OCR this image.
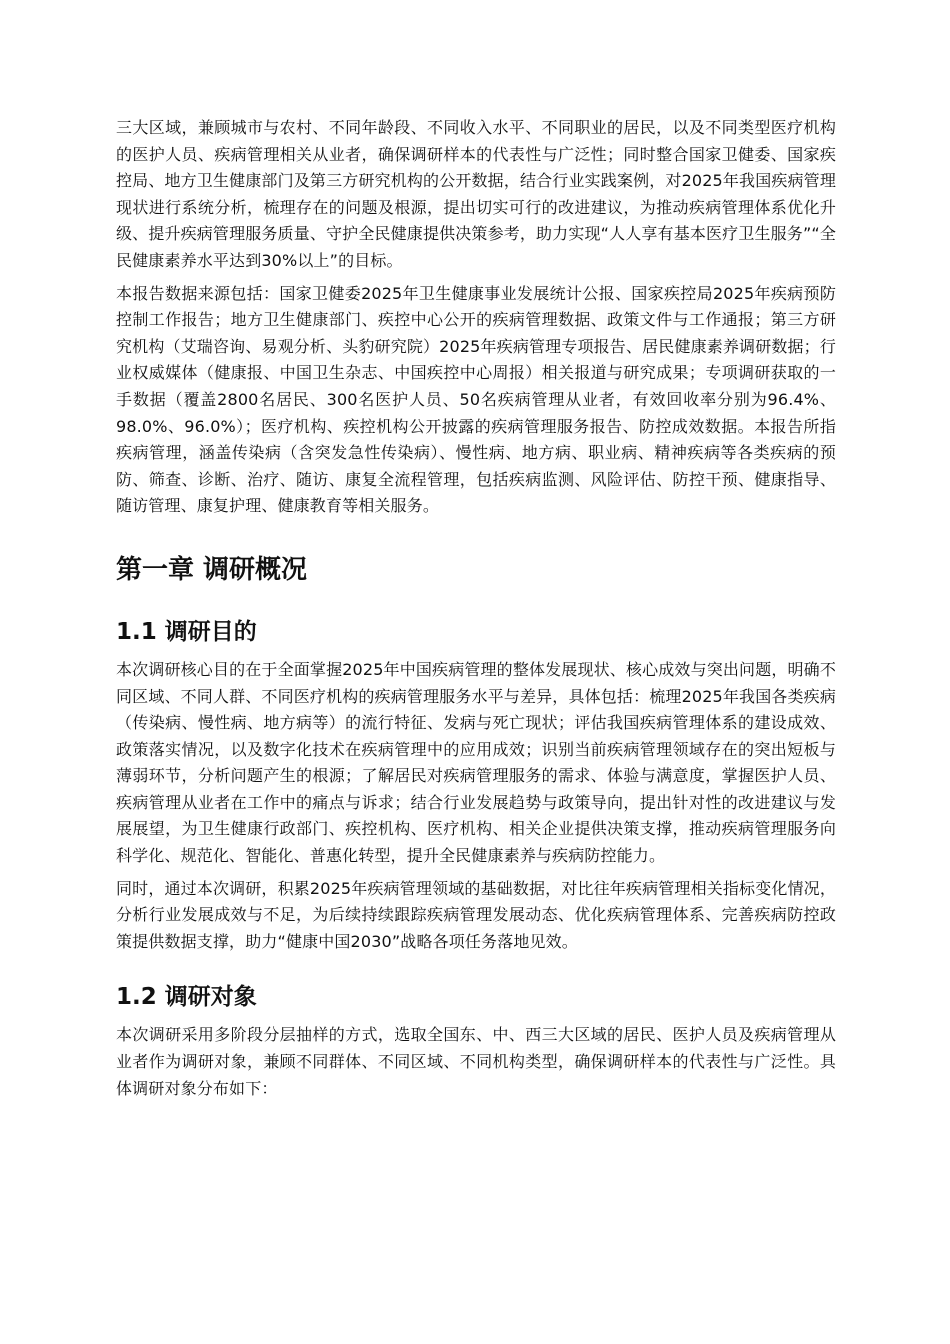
三大区域，兼顾城市与农村、不同年龄段、不同收入水平、不同职业的居民，以及不同类型医疗机构的医护人员、疾病管理相关从业者，确保调研样本的代表性与广泛性；同时整合国家卫健委、国家疾控局、地方卫生健康部门及第三方研究机构的公开数据，结合行业实践案例，对2025年我国疾病管理现状进行系统分析，梳理存在的问题及根源，提出切实可行的改进建议，为推动疾病管理体系优化升级、提升疾病管理服务质量、守护全民健康提供决策参考，助力实现“人人享有基本医疗卫生服务”“全民健康素养水平达到30%以上”的目标。

本报告数据来源包括：国家卫健委2025年卫生健康事业发展统计公报、国家疾控局2025年疾病预防控制工作报告；地方卫生健康部门、疾控中心公开的疾病管理数据、政策文件与工作通报；第三方研究机构（艾瑞咨询、易观分析、头豹研究院）2025年疾病管理专项报告、居民健康素养调研数据；行业权威媒体（健康报、中国卫生杂志、中国疾控中心周报）相关报道与研究成果；专项调研获取的一手数据（覆盖2800名居民、300名医护人员、50名疾病管理从业者，有效回收率分别为96.4%、98.0%、96.0%）；医疗机构、疾控机构公开披露的疾病管理服务报告、防控成效数据。本报告所指疾病管理，涵盖传染病（含突发急性传染病）、慢性病、地方病、职业病、精神疾病等各类疾病的预防、筛查、诊断、治疗、随访、康复全流程管理，包括疾病监测、风险评估、防控干预、健康指导、随访管理、康复护理、健康教育等相关服务。

第一章 调研概况
1.1 调研目的

本次调研核心目的在于全面掌握2025年中国疾病管理的整体发展现状、核心成效与突出问题，明确不同区域、不同人群、不同医疗机构的疾病管理服务水平与差异，具体包括：梳理2025年我国各类疾病（传染病、慢性病、地方病等）的流行特征、发病与死亡现状；评估我国疾病管理体系的建设成效、政策落实情况，以及数字化技术在疾病管理中的应用成效；识别当前疾病管理领域存在的突出短板与薄弱环节，分析问题产生的根源；了解居民对疾病管理服务的需求、体验与满意度，掌握医护人员、疾病管理从业者在工作中的痛点与诉求；结合行业发展趋势与政策导向，提出针对性的改进建议与发展展望，为卫生健康行政部门、疾控机构、医疗机构、相关企业提供决策支撑，推动疾病管理服务向科学化、规范化、智能化、普惠化转型，提升全民健康素养与疾病防控能力。

同时，通过本次调研，积累2025年疾病管理领域的基础数据，对比往年疾病管理相关指标变化情况，分析行业发展成效与不足，为后续持续跟踪疾病管理发展动态、优化疾病管理体系、完善疾病防控政策提供数据支撑，助力“健康中国2030”战略各项任务落地见效。

1.2 调研对象

本次调研采用多阶段分层抽样的方式，选取全国东、中、西三大区域的居民、医护人员及疾病管理从业者作为调研对象，兼顾不同群体、不同区域、不同机构类型，确保调研样本的代表性与广泛性。具体调研对象分布如下：
